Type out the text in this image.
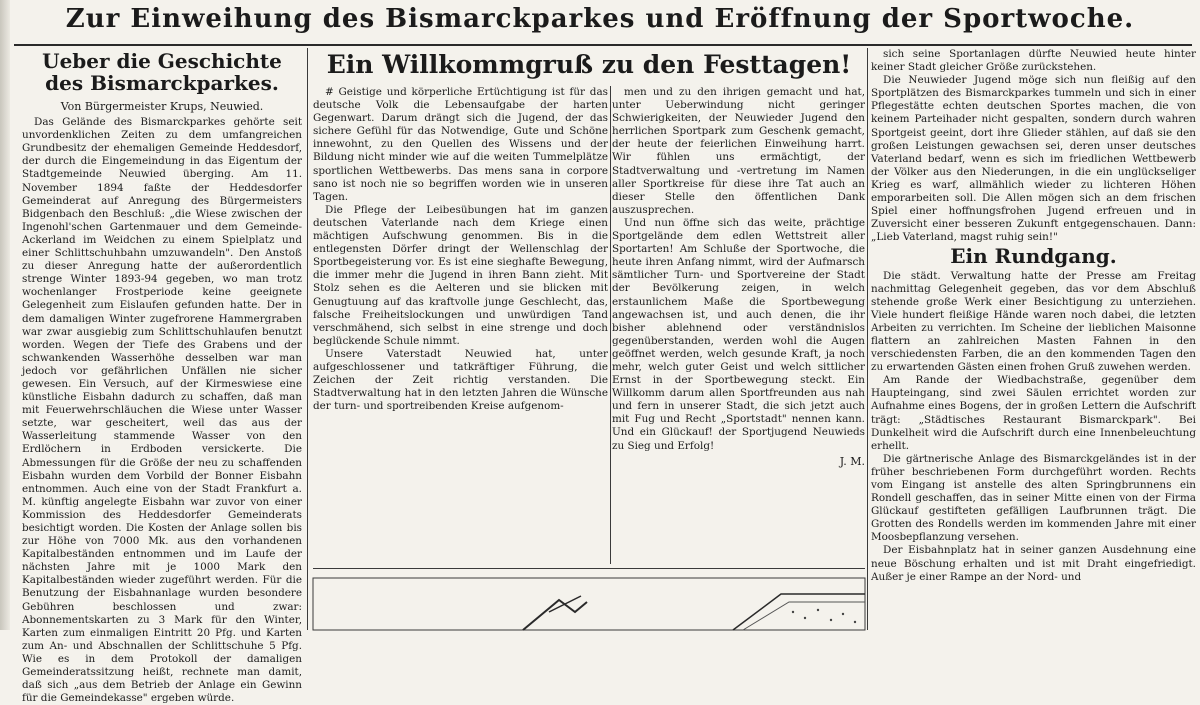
Zur Einweihung des Bismarckparkes und Eröffnung der Sportwoche.
Ueber die Geschichte des Bismarckparkes.

Von Bürgermeister Krups, Neuwied.

Das Gelände des Bismarckparkes gehörte seit unvordenklichen Zeiten zu dem umfangreichen Grundbesitz der ehemaligen Gemeinde Heddesdorf, der durch die Eingemeindung in das Eigentum der Stadtgemeinde Neuwied überging. Am 11. November 1894 faßte der Heddesdorfer Gemeinderat auf Anregung des Bürgermeisters Bidgenbach den Beschluß: „die Wiese zwischen der Ingenohl'schen Gartenmauer und dem Gemeinde-Ackerland im Weidchen zu einem Spielplatz und einer Schlittschuhbahn umzuwandeln". Den Anstoß zu dieser Anregung hatte der außerordentlich strenge Winter 1893-94 gegeben, wo man trotz wochenlanger Frostperiode keine geeignete Gelegenheit zum Eislaufen gefunden hatte. Der in dem damaligen Winter zugefrorene Hammergraben war zwar ausgiebig zum Schlittschuhlaufen benutzt worden. Wegen der Tiefe des Grabens und der schwankenden Wasserhöhe desselben war man jedoch vor gefährlichen Unfällen nie sicher gewesen. Ein Versuch, auf der Kirmeswiese eine künstliche Eisbahn dadurch zu schaffen, daß man mit Feuerwehrschläuchen die Wiese unter Wasser setzte, war gescheitert, weil das aus der Wasserleitung stammende Wasser von den Erdlöchern in Erdboden versickerte. Die Abmessungen für die Größe der neu zu schaffenden Eisbahn wurden dem Vorbild der Bonner Eisbahn entnommen. Auch eine von der Stadt Frankfurt a. M. künftig angelegte Eisbahn war zuvor von einer Kommission des Heddesdorfer Gemeinderats besichtigt worden. Die Kosten der Anlage sollen bis zur Höhe von 7000 Mk. aus den vorhandenen Kapitalbeständen entnommen und im Laufe der nächsten Jahre mit je 1000 Mark den Kapitalbeständen wieder zugeführt werden. Für die Benutzung der Eisbahnanlage wurden besondere Gebühren beschlossen und zwar: Abonnementskarten zu 3 Mark für den Winter, Karten zum einmaligen Eintritt 20 Pfg. und Karten zum An- und Abschnallen der Schlittschuhe 5 Pfg. Wie es in dem Protokoll der damaligen Gemeinderatssitzung heißt, rechnete man damit, daß sich „aus dem Betrieb der Anlage ein Gewinn für die Gemeindekasse" ergeben würde.

Ein Willkommgruß zu den Festtagen!

# Geistige und körperliche Ertüchtigung ist für das deutsche Volk die Lebensaufgabe der harten Gegenwart. Darum drängt sich die Jugend, der das sichere Gefühl für das Notwendige, Gute und Schöne innewohnt, zu den Quellen des Wissens und der Bildung nicht minder wie auf die weiten Tummelplätze sportlichen Wettbewerbs. Das mens sana in corpore sano ist noch nie so begriffen worden wie in unseren Tagen.

Die Pflege der Leibesübungen hat im ganzen deutschen Vaterlande nach dem Kriege einen mächtigen Aufschwung genommen. Bis in die entlegensten Dörfer dringt der Wellenschlag der Sportbegeisterung vor. Es ist eine sieghafte Bewegung, die immer mehr die Jugend in ihren Bann zieht. Mit Stolz sehen es die Aelteren und sie blicken mit Genugtuung auf das kraftvolle junge Geschlecht, das, falsche Freiheitslockungen und unwürdigen Tand verschmähend, sich selbst in eine strenge und doch beglückende Schule nimmt.

Unsere Vaterstadt Neuwied hat, unter aufgeschlossener und tatkräftiger Führung, die Zeichen der Zeit richtig verstanden. Die Stadtverwaltung hat in den letzten Jahren die Wünsche der turn- und sportreibenden Kreise aufgenom-

men und zu den ihrigen gemacht und hat, unter Ueberwindung nicht geringer Schwierigkeiten, der Neuwieder Jugend den herrlichen Sportpark zum Geschenk gemacht, der heute der feierlichen Einweihung harrt. Wir fühlen uns ermächtigt, der Stadtverwaltung und -vertretung im Namen aller Sportkreise für diese ihre Tat auch an dieser Stelle den öffentlichen Dank auszusprechen.

Und nun öffne sich das weite, prächtige Sportgelände dem edlen Wettstreit aller Sportarten! Am Schluße der Sportwoche, die heute ihren Anfang nimmt, wird der Aufmarsch sämtlicher Turn- und Sportvereine der Stadt der Bevölkerung zeigen, in welch erstaunlichem Maße die Sportbewegung angewachsen ist, und auch denen, die ihr bisher ablehnend oder verständnislos gegenüberstanden, werden wohl die Augen geöffnet werden, welch gesunde Kraft, ja noch mehr, welch guter Geist und welch sittlicher Ernst in der Sportbewegung steckt. Ein Willkomm darum allen Sportfreunden aus nah und fern in unserer Stadt, die sich jetzt auch mit Fug und Recht „Sportstadt" nennen kann. Und ein Glückauf! der Sportjugend Neuwieds zu Sieg und Erfolg!

J. M.

sich seine Sportanlagen dürfte Neuwied heute hinter keiner Stadt gleicher Größe zurückstehen.

Die Neuwieder Jugend möge sich nun fleißig auf den Sportplätzen des Bismarckparkes tummeln und sich in einer Pflegestätte echten deutschen Sportes machen, die von keinem Parteihader nicht gespalten, sondern durch wahren Sportgeist geeint, dort ihre Glieder stählen, auf daß sie den großen Leistungen gewachsen sei, deren unser deutsches Vaterland bedarf, wenn es sich im friedlichen Wettbewerb der Völker aus den Niederungen, in die ein unglückseliger Krieg es warf, allmählich wieder zu lichteren Höhen emporarbeiten soll. Die Allen mögen sich an dem frischen Spiel einer hoffnungsfrohen Jugend erfreuen und in Zuversicht einer besseren Zukunft entgegenschauen. Dann: „Lieb Vaterland, magst ruhig sein!"

Ein Rundgang.

Die städt. Verwaltung hatte der Presse am Freitag nachmittag Gelegenheit gegeben, das vor dem Abschluß stehende große Werk einer Besichtigung zu unterziehen. Viele hundert fleißige Hände waren noch dabei, die letzten Arbeiten zu verrichten. Im Scheine der lieblichen Maisonne flattern an zahlreichen Masten Fahnen in den verschiedensten Farben, die an den kommenden Tagen den zu erwartenden Gästen einen frohen Gruß zuwehen werden.

Am Rande der Wiedbachstraße, gegenüber dem Haupteingang, sind zwei Säulen errichtet worden zur Aufnahme eines Bogens, der in großen Lettern die Aufschrift trägt: „Städtisches Restaurant Bismarckpark". Bei Dunkelheit wird die Aufschrift durch eine Innenbeleuchtung erhellt.

Die gärtnerische Anlage des Bismarckgeländes ist in der früher beschriebenen Form durchgeführt worden. Rechts vom Eingang ist anstelle des alten Springbrunnens ein Rondell geschaffen, das in seiner Mitte einen von der Firma Glückauf gestifteten gefälligen Laufbrunnen trägt. Die Grotten des Rondells werden im kommenden Jahre mit einer Moosbepflanzung versehen.

Der Eisbahnplatz hat in seiner ganzen Ausdehnung eine neue Böschung erhalten und ist mit Draht eingefriedigt. Außer je einer Rampe an der Nord- und
